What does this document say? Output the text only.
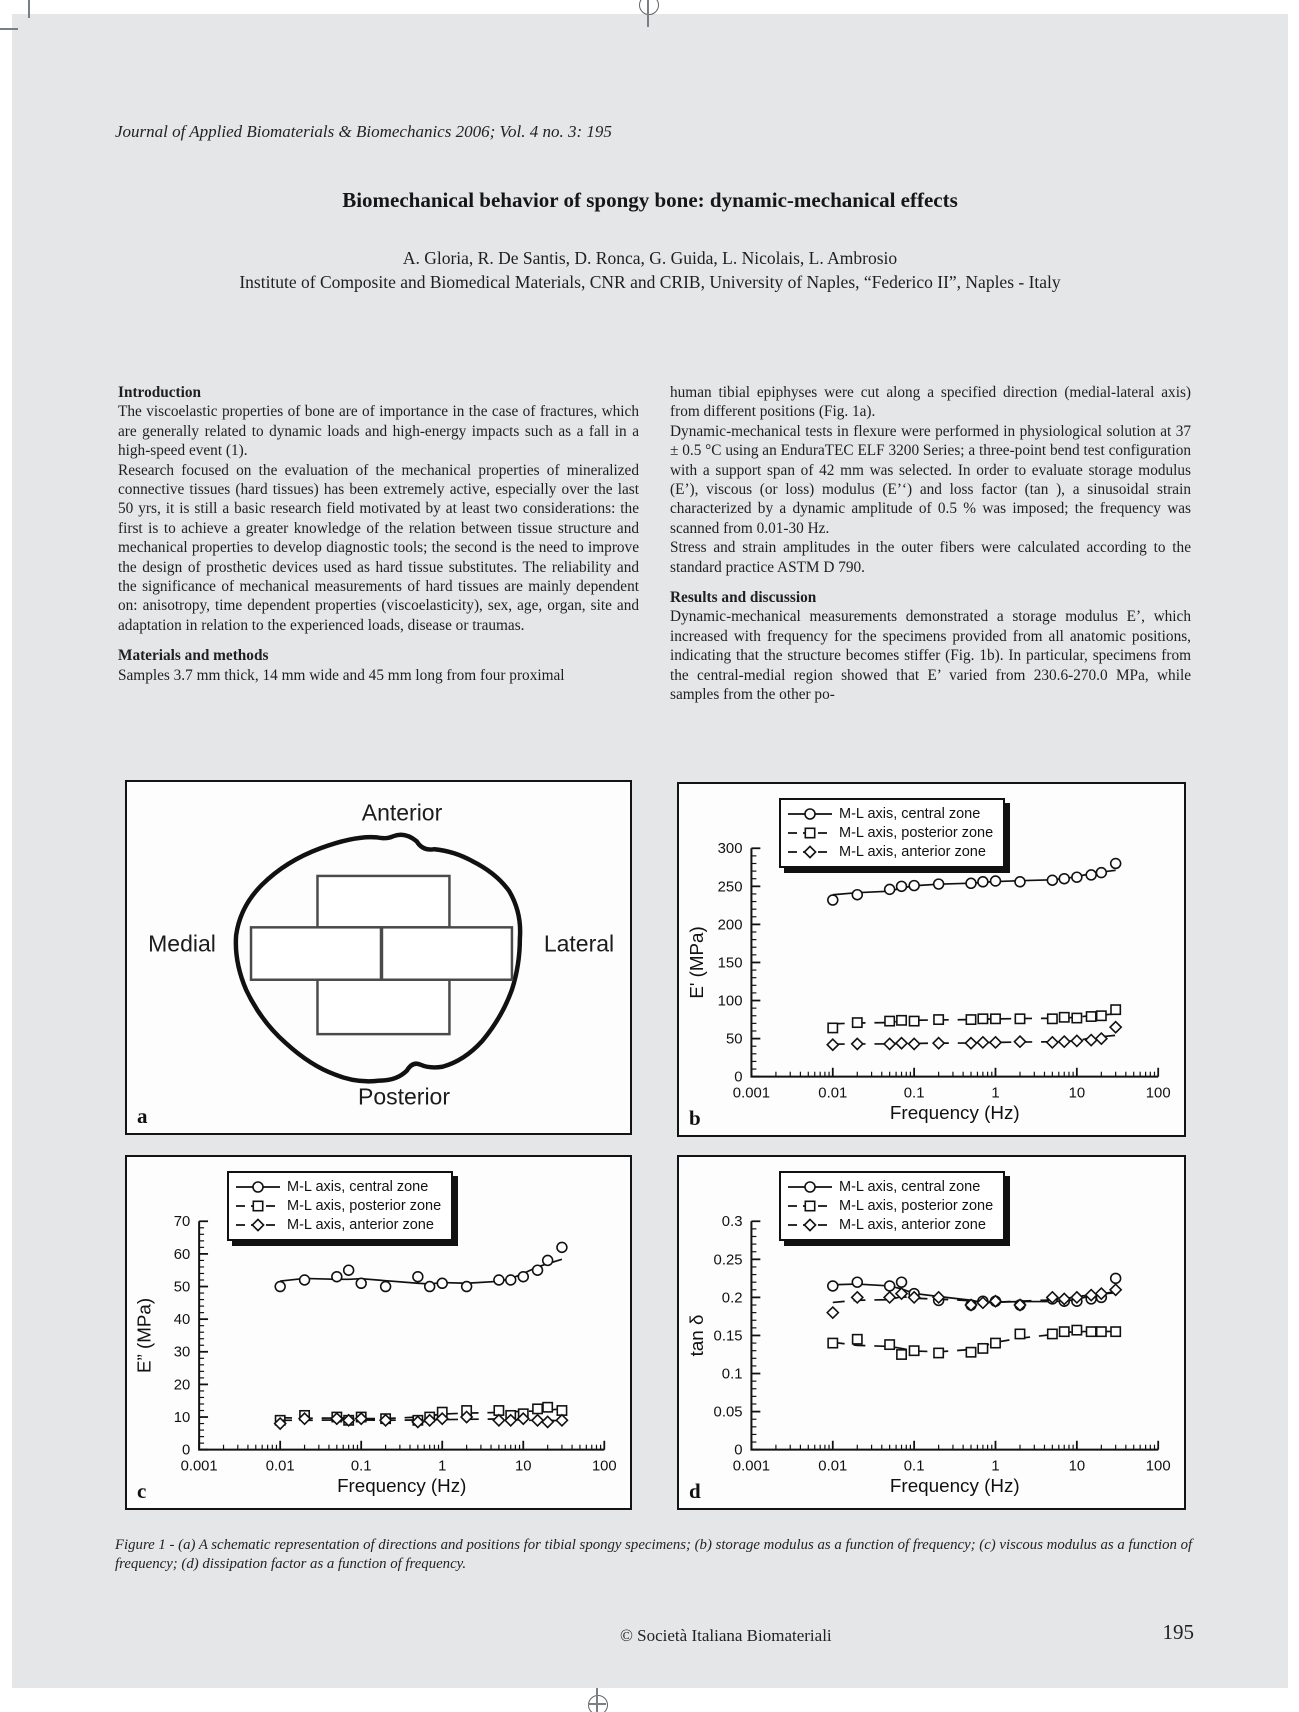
Journal of Applied Biomaterials & Biomechanics 2006; Vol. 4 no. 3: 195
Biomechanical behavior of spongy bone: dynamic-mechanical effects
A. Gloria, R. De Santis, D. Ronca, G. Guida, L. Nicolais, L. Ambrosio
Institute of Composite and Biomedical Materials, CNR and CRIB, University of Naples, “Federico II”, Naples - Italy

Introduction

The viscoelastic properties of bone are of importance in the case of fractures, which are generally related to dynamic loads and high-energy impacts such as a fall in a high-speed event (1).

Research focused on the evaluation of the mechanical properties of mineralized connective tissues (hard tissues) has been extremely active, especially over the last 50 yrs, it is still a basic research field motivated by at least two considerations: the first is to achieve a greater knowledge of the relation between tissue structure and mechanical properties to develop diagnostic tools; the second is the need to improve the design of prosthetic devices used as hard tissue substitutes. The reliability and the significance of mechanical measurements of hard tissues are mainly dependent on: anisotropy, time dependent properties (viscoelasticity), sex, age, organ, site and adaptation in relation to the experienced loads, disease or traumas.

Materials and methods

Samples 3.7 mm thick, 14 mm wide and 45 mm long from four proximal

human tibial epiphyses were cut along a specified direction (medial-lateral axis) from different positions (Fig. 1a).

Dynamic-mechanical tests in flexure were performed in physiological solution at 37 ± 0.5 °C using an EnduraTEC ELF 3200 Series; a three-point bend test configuration with a support span of 42 mm was selected. In order to evaluate storage modulus (E’), viscous (or loss) modulus (E’‘) and loss factor (tan ), a sinusoidal strain characterized by a dynamic amplitude of 0.5 % was imposed; the frequency was scanned from 0.01-30 Hz.

Stress and strain amplitudes in the outer fibers were calculated according to the standard practice ASTM D 790.

Results and discussion

Dynamic-mechanical measurements demonstrated a storage modulus E’, which increased with frequency for the specimens provided from all anatomic positions, indicating that the structure becomes stiffer (Fig. 1b). In particular, specimens from the central-medial region showed that E’ varied from 230.6-270.0 MPa, while samples from the other po-

Anterior
Medial	Lateral
Posterior
a
0
50
100
150
200
250
300
0.001	0.01	0.1	1	10	100
Frequency (Hz)
E' (MPa)
M-L axis, central zone
M-L axis, posterior zone
M-L axis, anterior zone
b
0
10
20
30
40
50
60
70
0.001	0.01	0.1	1	10	100
Frequency (Hz)
E” (MPa)
M-L axis, central zone
M-L axis, posterior zone
M-L axis, anterior zone
c
0
0.05
0.1
0.15
0.2
0.25
0.3
0.001	0.01	0.1	1	10	100
Frequency (Hz)
tan δ
M-L axis, central zone
M-L axis, posterior zone
M-L axis, anterior zone
d
Figure 1 - (a) A schematic representation of directions and positions for tibial spongy specimens; (b) storage modulus as a function of frequency; (c) viscous modulus as a function of frequency; (d) dissipation factor as a function of frequency.
© Società Italiana Biomateriali	195
